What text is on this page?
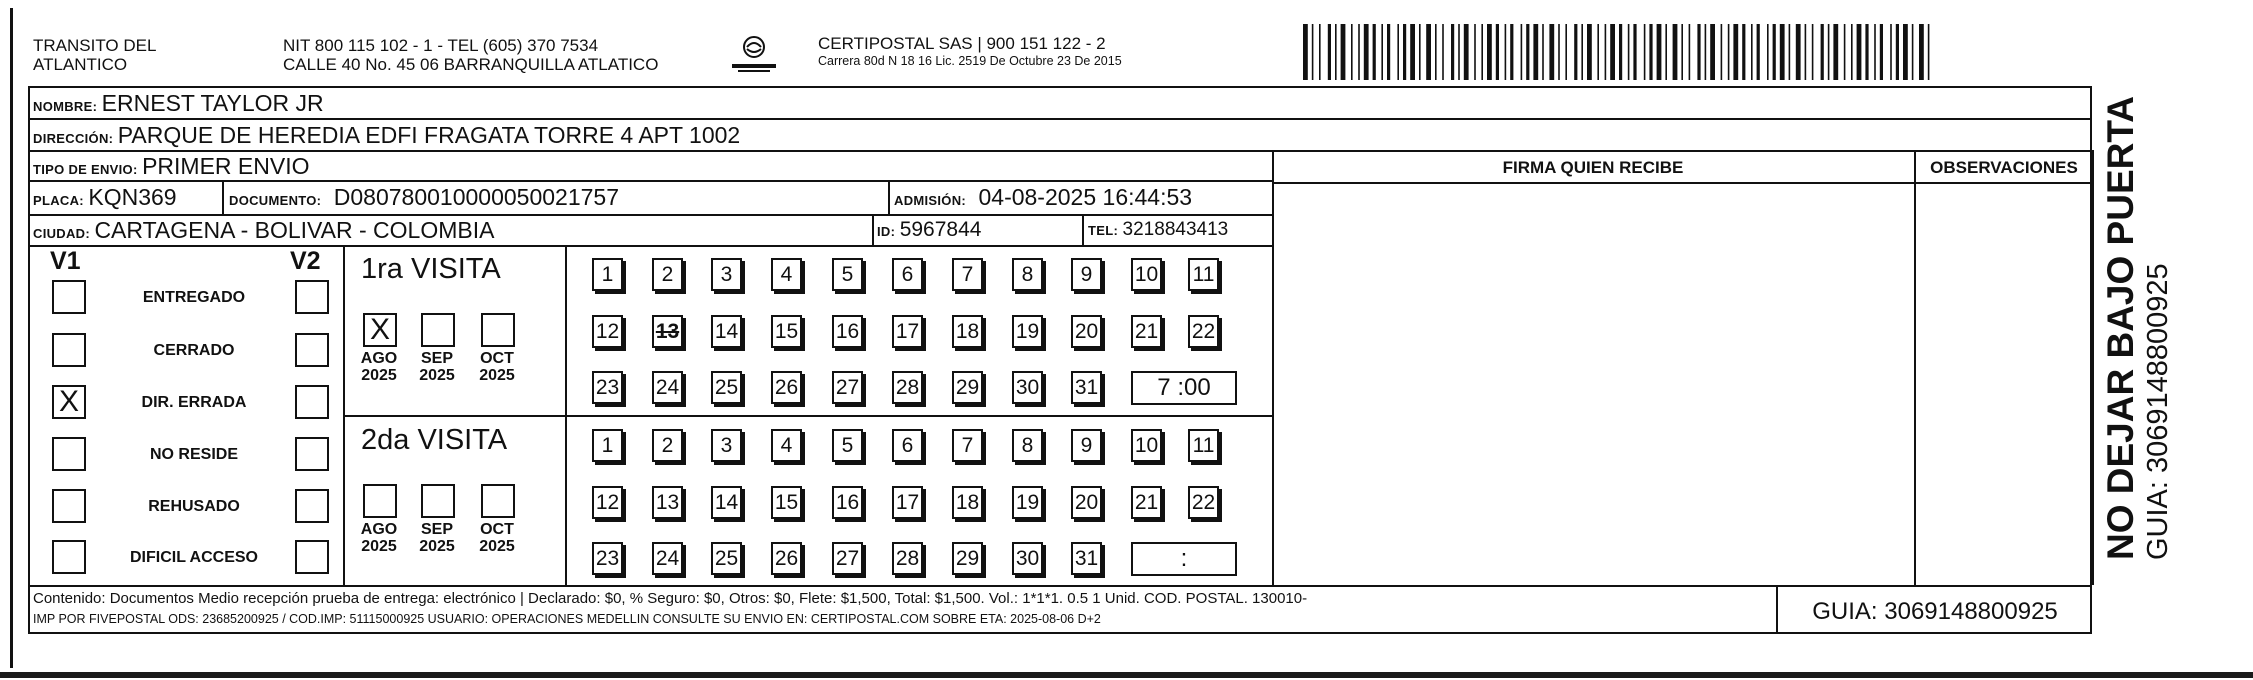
TRANSITO DEL
ATLANTICO
NIT 800 115 102 - 1 - TEL (605) 370 7534
CALLE 40 No. 45 06 BARRANQUILLA ATLATICO
CERTIPOSTAL SAS | 900 151 122 - 2
Carrera 80d N 18 16 Lic. 2519 De Octubre 23 De 2015
NOMBRE: ERNEST TAYLOR JR
DIRECCIÓN: PARQUE DE HEREDIA EDFI FRAGATA TORRE 4 APT 1002
TIPO DE ENVIO: PRIMER ENVIO	FIRMA QUIEN RECIBE	OBSERVACIONES
PLACA: KQN369	DOCUMENTO: D080780010000050021757	ADMISIÓN: 04-08-2025 16:44:53
CIUDAD: CARTAGENA - BOLIVAR - COLOMBIA	ID: 5967844	TEL: 3218843413
V1	V2
ENTREGADO
CERRADO
X	DIR. ERRADA
NO RESIDE
REHUSADO
DIFICIL ACCESO
1ra VISITA
X
AGO
2025
SEP
2025
OCT
2025
1	2	3	4	5	6	7	8	9	10 11
12 13 14 15 16 17 18 19 20 21 22
23 24 25 26 27 28 29 30 31	7 :00
2da VISITA
AGO
2025
SEP
2025
OCT
2025
1	2	3	4	5	6	7	8	9	10 11
12 13 14 15 16 17 18 19 20 21 22
23 24 25 26 27 28 29 30 31	:
Contenido: Documentos Medio recepción prueba de entrega: electrónico | Declarado: $0, % Seguro: $0, Otros: $0, Flete: $1,500, Total: $1,500. Vol.: 1*1*1. 0.5 1 Unid. COD. POSTAL. 130010-
IMP POR FIVEPOSTAL ODS: 23685200925 / COD.IMP: 51115000925 USUARIO: OPERACIONES MEDELLIN CONSULTE SU ENVIO EN: CERTIPOSTAL.COM SOBRE ETA: 2025-08-06 D+2	GUIA: 3069148800925
NO DEJAR BAJO PUERTA GUIA: 3069148800925
